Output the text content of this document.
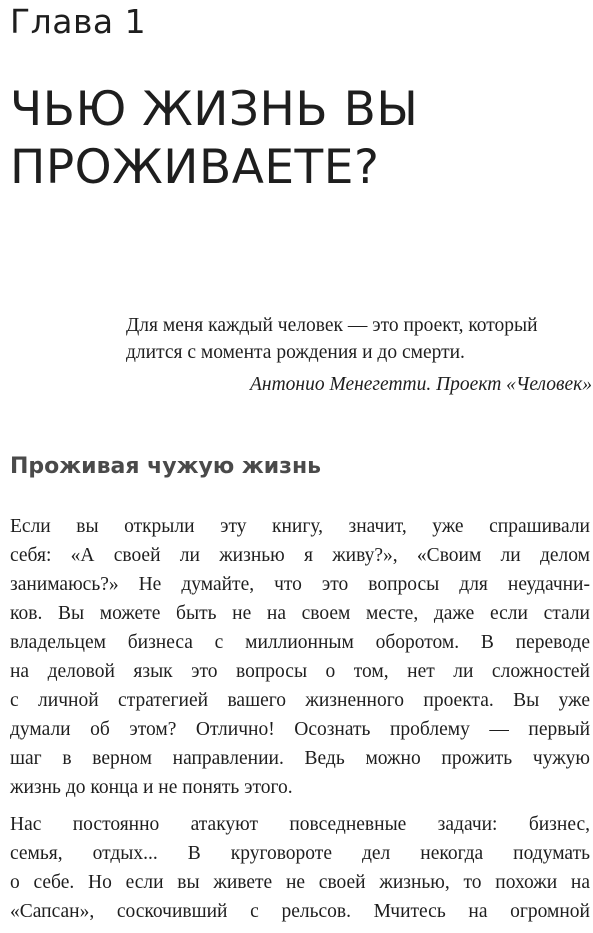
Глава 1
ЧЬЮ ЖИЗНЬ ВЫ
ПРОЖИВАЕТЕ?
Для меня каждый человек — это проект, который
длится с момента рождения и до смерти.
Антонио Менегетти. Проект «Человек»
Проживая чужую жизнь
Если вы открыли эту книгу, значит, уже спрашивали
себя: «А своей ли жизнью я живу?», «Своим ли делом
занимаюсь?» Не думайте, что это вопросы для неудачни-
ков. Вы можете быть не на своем месте, даже если стали
владельцем бизнеса с миллионным оборотом. В переводе
на деловой язык это вопросы о том, нет ли сложностей
с личной стратегией вашего жизненного проекта. Вы уже
думали об этом? Отлично! Осознать проблему — первый
шаг в верном направлении. Ведь можно прожить чужую
жизнь до конца и не понять этого.
Нас постоянно атакуют повседневные задачи: бизнес,
семья, отдых... В круговороте дел некогда подумать
о себе. Но если вы живете не своей жизнью, то похожи на
«Сапсан», соскочивший с рельсов. Мчитесь на огромной
